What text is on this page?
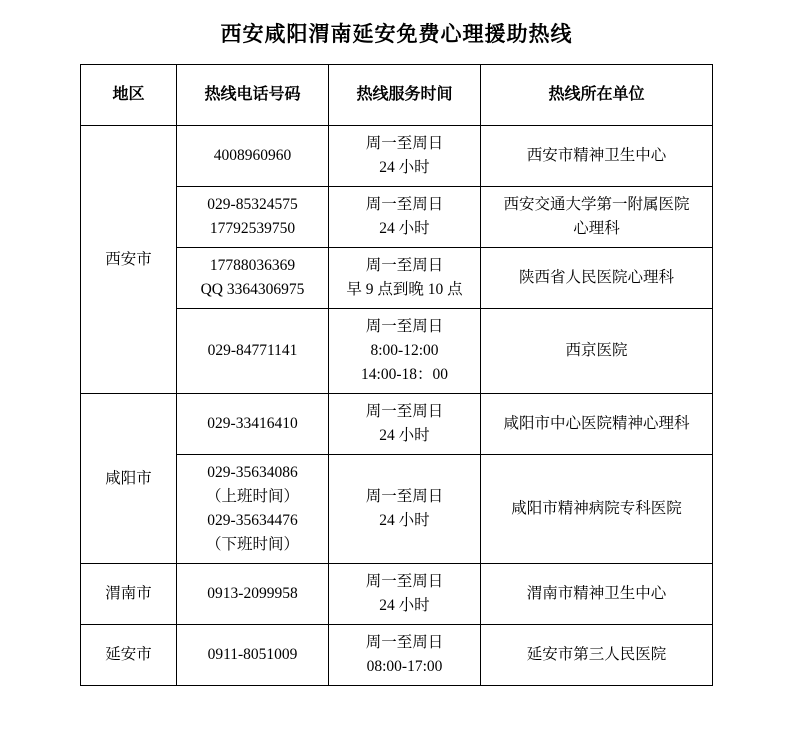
西安咸阳渭南延安免费心理援助热线
地区	热线电话号码	热线服务时间	热线所在单位
西安市	4008960960	周一至周日
24 小时	西安市精神卫生中心

	029-85324575
17792539750	周一至周日
24 小时	西安交通大学第一附属医院
心理科

	17788036369
QQ 3364306975	周一至周日
早 9 点到晚 10 点	陕西省人民医院心理科

	029-84771141	周一至周日
8:00-12:00
14:00-18：00	西京医院

咸阳市	029-33416410	周一至周日
24 小时	咸阳市中心医院精神心理科

	029-35634086
（上班时间）
029-35634476
（下班时间）	周一至周日
24 小时	咸阳市精神病院专科医院

渭南市	0913-2099958	周一至周日
24 小时	渭南市精神卫生中心

延安市	0911-8051009	周一至周日
08:00-17:00	延安市第三人民医院
